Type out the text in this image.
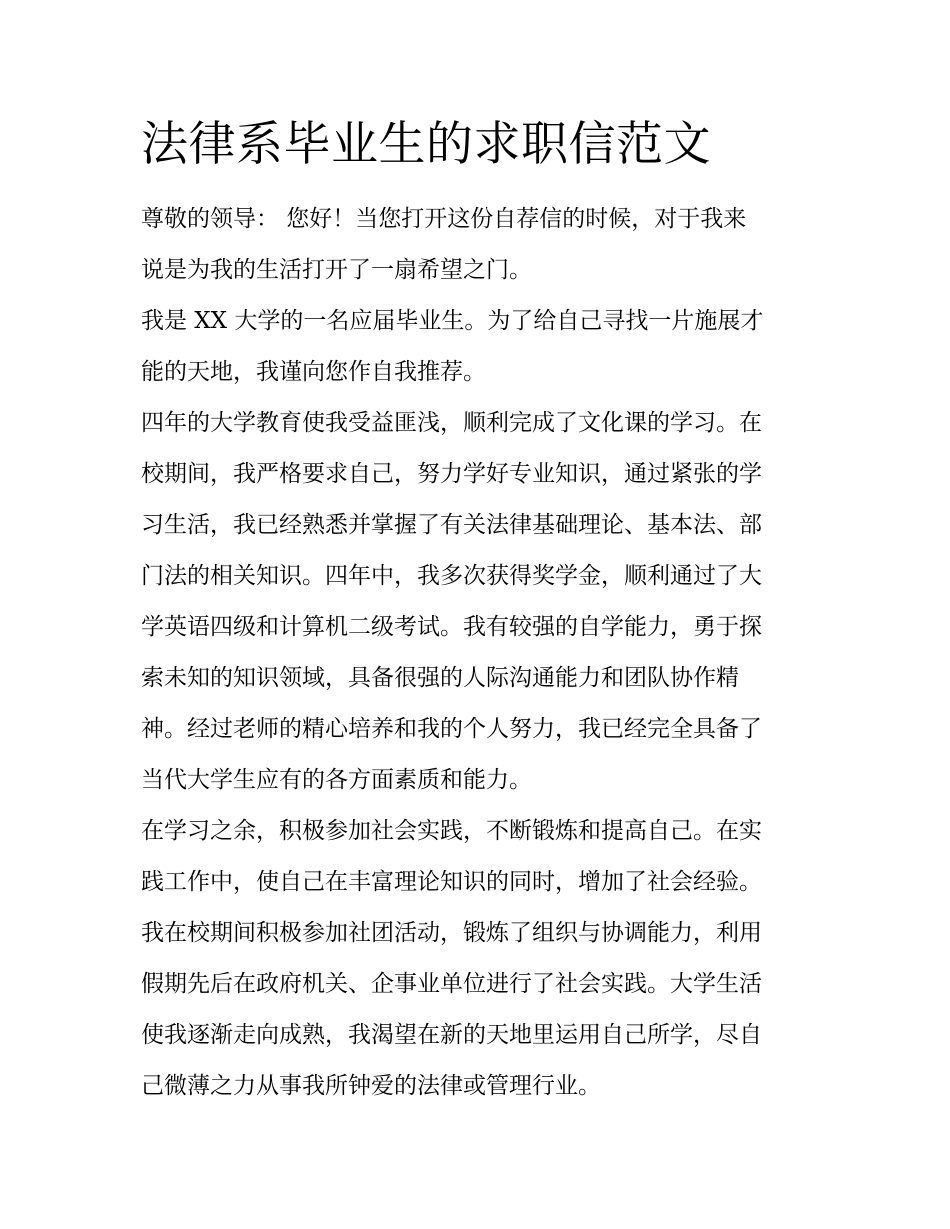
法律系毕业生的求职信范文
尊敬的领导： 您好！当您打开这份自荐信的时候，对于我来
说是为我的生活打开了一扇希望之门。
我是 XX 大学的一名应届毕业生。为了给自己寻找一片施展才
能的天地，我谨向您作自我推荐。
四年的大学教育使我受益匪浅，顺利完成了文化课的学习。在
校期间，我严格要求自己，努力学好专业知识，通过紧张的学
习生活，我已经熟悉并掌握了有关法律基础理论、基本法、部
门法的相关知识。四年中，我多次获得奖学金，顺利通过了大
学英语四级和计算机二级考试。我有较强的自学能力，勇于探
索未知的知识领域，具备很强的人际沟通能力和团队协作精
神。经过老师的精心培养和我的个人努力，我已经完全具备了
当代大学生应有的各方面素质和能力。
在学习之余，积极参加社会实践，不断锻炼和提高自己。在实
践工作中，使自己在丰富理论知识的同时，增加了社会经验。
我在校期间积极参加社团活动，锻炼了组织与协调能力，利用
假期先后在政府机关、企事业单位进行了社会实践。大学生活
使我逐渐走向成熟，我渴望在新的天地里运用自己所学，尽自
己微薄之力从事我所钟爱的法律或管理行业。
